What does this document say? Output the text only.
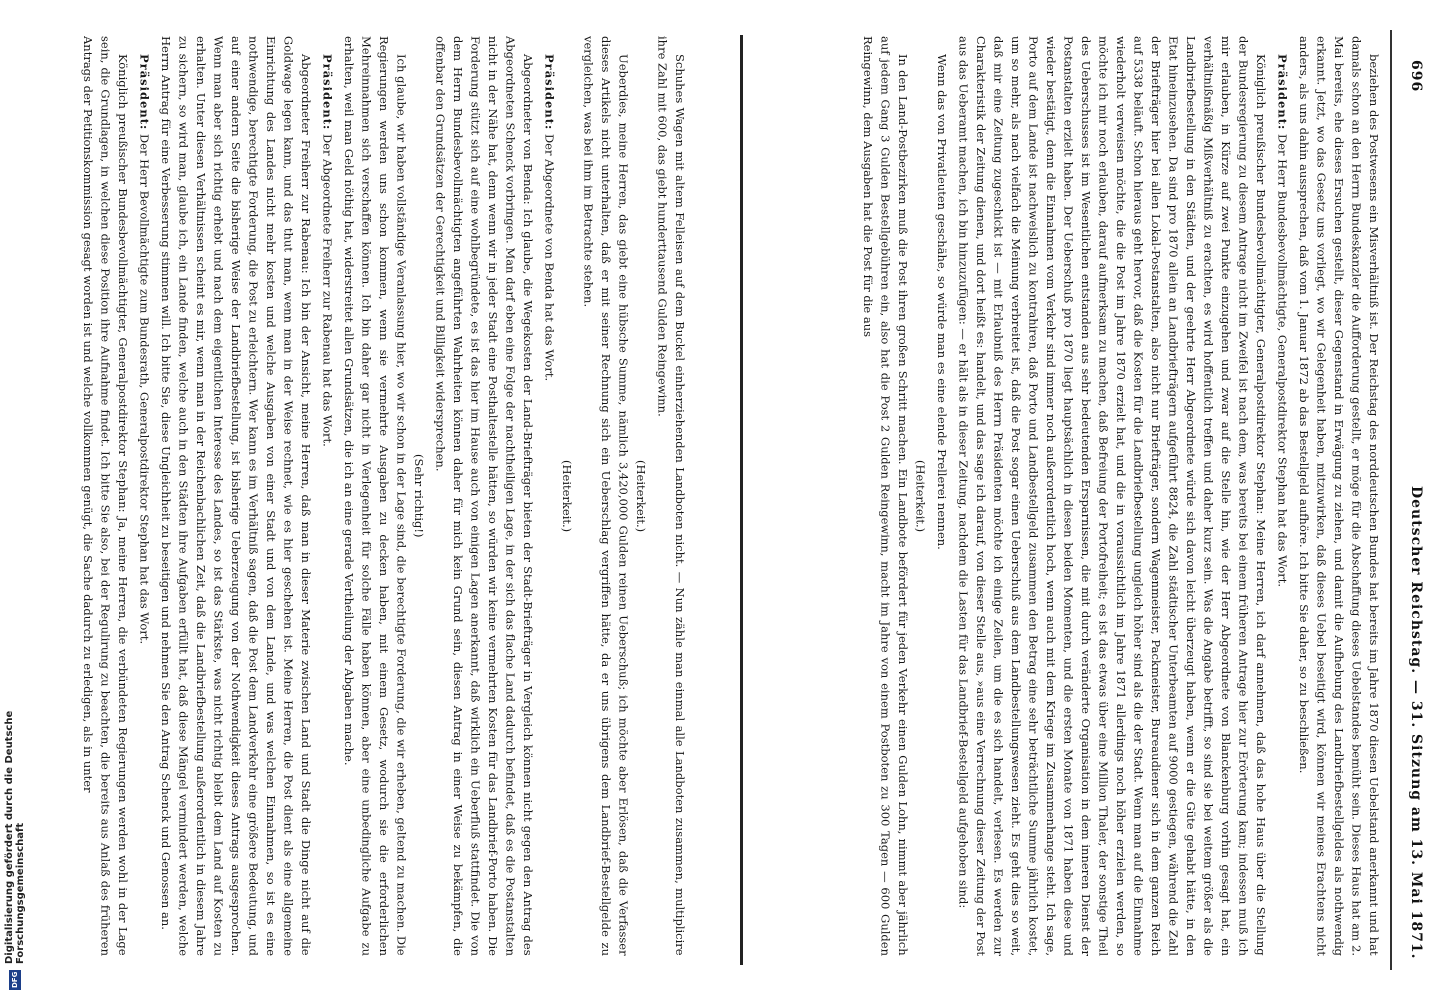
696
Deutscher Reichstag. — 31. Sitzung am 13. Mai 1871.

beziehen des Postwesens ein Misverhältniß ist. Der Reichstag des norddeutschen Bundes hat bereits im Jahre 1870 diesen Uebelstand anerkannt und hat damals schon an den Herrn Bundeskanzler die Aufforderung gestellt, er möge für die Abschaffung dieses Uebelstandes bemüht sein. Dieses Haus hat am 2. Mai bereits, ehe dieses Ersuchen gestellt, dieser Gegenstand in Erwägung zu ziehen, und damit die Aufhebung des Landbriefbestellgeldes als nothwendig erkannt. Jetzt, wo das Gesetz uns vorliegt, wo wir Gelegenheit haben, mitzuwirken, daß dieses Uebel beseitigt wird, können wir meines Erachtens nicht anders, als uns dahin aussprechen, daß vom 1. Januar 1872 ab das Bestellgeld aufhöre. Ich bitte Sie daher, so zu beschließen.

Präsident: Der Herr Bundesbevollmächtigte, Generalpostdirektor Stephan hat das Wort.

Königlich preußischer Bundesbevollmächtigter, Generalpostdirektor Stephan: Meine Herren, ich darf annehmen, daß das hohe Haus über die Stellung der Bundesregierung zu diesem Antrage nicht im Zweifel ist nach dem, was bereits bei einem früheren Antrage hier zur Erörterung kam; indessen muß ich mir erlauben, in Kürze auf zwei Punkte einzugehen und zwar auf die Stelle hin, wie der Herr Abgeordnete von Blanckenburg vorhin gesagt hat, ein verhältnißmäßig Mißverhältniß zu erachten, es wird hoffentlich treffen und daher kurz sein. Was die Angabe betrifft, so sind sie bei weitem größer als die Landbriefbestellung in den Städten, und der geehrte Herr Abgeordnete würde sich davon leicht überzeugt haben, wenn er die Güte gehabt hätte, in den Etat hineinzusehen. Da sind pro 1870 allein an Landbriefträgern aufgeführt 8824, die Zahl städtischer Unterbeamten auf 9000 gestiegen, während die Zahl der Briefträger hier bei allen Lokal-Postanstalten, also nicht nur Briefträger, sondern Wagenmeister, Packmeister, Bureaudiener sich in dem ganzen Reich auf 5338 beläuft. Schon hieraus geht hervor, daß die Kosten für die Landbriefbestellung ungleich höher sind als die der Stadt. Wenn man auf die Einnahme wiederholt verweisen möchte, die die Post im Jahre 1870 erzielt hat, und die in voraussichtlich im Jahre 1871 allerdings noch höher erzielen werden, so möchte ich mir noch erlauben, darauf aufmerksam zu machen, daß Befreiung der Portofreiheit; es ist das etwas über eine Million Thaler, der sonstige Theil des Ueberschusses ist im Wesentlichen entstanden aus sehr bedeutenden Ersparnissen, die mit durch veränderte Organisation in dem inneren Dienst der Postanstalten erzielt haben. Der Ueberschuß pro 1870 liegt hauptsächlich in diesen beiden Momenten, und die ersten Monate von 1871 haben diese und wieder bestätigt, denn die Einnahmen vom Verkehr sind immer noch außerordentlich hoch, wenn auch mit dem Kriege im Zusammenhange steht. Ich sage, Porto auf dem Lande ist nachweislich zu kontrahiren, daß Porto und Landbestellgeld zusammen den Betrag eine sehr beträchtliche Summe jährlich kostet, um so mehr, als nach vielfach die Meinung verbreitet ist, daß die Post sogar einen Ueberschuß aus dem Landbestellungswesen zieht. Es geht dies so weit, daß mir eine Zeitung zugeschickt ist — mit Erlaubniß des Herrn Präsidenten möchte ich einige Zeilen, um die es sich handelt, verlesen. Es werden zur Charakteristik der Zeitung dienen, und dort heißt es: handelt, und das sage ich darauf, von dieser Stelle aus, »aus eine Verrechnung dieser Zeitung der Post aus das Ueberamt machen, ich bin hinzuzufügen: — er hält als in dieser Zeitung, nachdem die Lasten für das Landbrief-Bestellgeld aufgehoben sind:

Wenn das von Privatleuten geschähe, so würde man es eine elende Prellerei nennen.

(Heiterkeit.)

In den Land-Postbezirken muß die Post ihren großen Schritt machen. Ein Landbote befördert für jeden Verkehr einen Gulden Lohn, nimmt aber jährlich auf jedem Gang 3 Gulden Bestellgebühren ein, also hat die Post 2 Gulden Reingewinn, macht im Jahre von einem Postboten zu 300 Tagen — 600 Gulden Reingewinn, dem Ausgaben hat die Post für die aus

Schuhes Wagen mit altem Felleisen auf dem Buckel einherziehenden Landboten nicht. — Nun zähle man einmal alle Landboten zusammen, multiplicire ihre Zahl mit 600, das giebt hunderttausend Gulden Reingewinn.

(Heiterkeit.)

Ueberdies, meine Herren, das giebt eine hübsche Summe, nämlich 3,420,000 Gulden reinen Ueberschuß; ich möchte aber Erlösen, daß die Verfasser dieses Artikels nicht unterhalten, daß er mit seiner Rechnung sich ein Ueberschlag vergriffen hätte, da er uns übrigens dem Landbrief-Bestellgelde zu vergleichen, was bei ihm im Betrachte stehen.

(Heiterkeit.)

Präsident: Der Abgeordnete von Benda hat das Wort.

Abgeordneter von Benda: Ich glaube, die Wegekosten der Land-Briefträger bieten der Stadt-Briefträger in Vergleich können nicht gegen den Antrag des Abgeordneten Schenck vorbringen. Man darf eben eine Folge der nachtheiligen Lage, in der sich das flache Land dadurch befindet, daß es die Postanstalten nicht in der Nähe hat, denn wenn wir in jeder Stadt eine Posthaltestelle hätten, so würden wir keine vermehrten Kosten für das Landbrief-Porto haben. Die Forderung stützt sich auf eine wohlbegründete, es ist das hier im Hause auch von einigen Lagen anerkannt, daß wirklich ein Ueberfluß stattfindet. Die von dem Herrn Bundesbevollmächtigten angeführten Wahrheiten können daher für mich kein Grund sein, diesen Antrag in einer Weise zu bekämpfen, die offenbar den Grundsätzen der Gerechtigkeit und Billigkeit widersprechen.

(Sehr richtig!)

Ich glaube, wir haben vollständige Veranlassung hier, wo wir schon in der Lage sind, die berechtigte Forderung, die wir erheben, geltend zu machen. Die Regierungen werden uns schon kommen, wenn sie vermehrte Ausgaben zu decken haben, mit einem Gesetz, wodurch sie die erforderlichen Mehreinnahmen sich verschaffen können. Ich bin daher gar nicht in Verlegenheit für solche Fälle haben können, aber eine unbedingliche Aufgabe zu erhalten, weil man Geld nöthig hat, widerstreitet allen Grundsätzen, die ich an eine gerade Vertheilung der Abgaben mache.

Präsident: Der Abgeordnete Freiherr zur Rabenau hat das Wort.

Abgeordneter Freiherr zur Rabenau: Ich bin der Ansicht, meine Herren, daß man in dieser Materie zwischen Land und Stadt die Dinge nicht auf die Goldwage legen kann, und das thut man, wenn man in der Weise rechnet, wie es hier geschehen ist. Meine Herren, die Post dient als eine allgemeine Einrichtung des Landes nicht mehr kosten und welche Ausgaben von einer Stadt und von dem Lande, und was welchen Einnahmen, so ist es eine nothwendige, berechtigte Forderung, die Post zu erleichtern. Wer kann es im Verhältniß sagen, daß die Post dem Landverkehr eine größere Bedeutung, und auf einer andern Seite die bisherige Weise der Landbriefbestellung, ist bisherige Ueberzeugung von der Nothwendigkeit dieses Antrags ausgesprochen. Wenn man aber sich richtig erhebt und nach dem eigentlichen Interesse des Landes, so ist das Stärkste, was nicht richtig bleibt dem Land auf Kosten zu erhalten. Unter diesen Verhältnissen scheint es mir, wenn man in der Reichenbachlichen Zeit, daß die Landbriefbestellung außerordentlich in diesem Jahre zu sichern, so wird man, glaube ich, ein Lande finden, welche auch in den Städten ihre Aufgaben erfüllt hat, daß diese Mängel vermindert werden, welche Herrn Antrag für eine Verbesserung stimmen will. Ich bitte Sie, diese Ungleichheit zu beseitigen und nehmen Sie den Antrag Schenck und Genossen an.

Präsident: Der Herr Bevollmächtigte zum Bundesrath, Generalpostdirektor Stephan hat das Wort.

Königlich preußischer Bundesbevollmächtigter, Generalpostdirektor Stephan: Ja, meine Herren, die verbündeten Regierungen werden wohl in der Lage sein, die Grundlagen, in welchen diese Position ihre Aufnahme findet. Ich bitte Sie also, bei der Regulirung zu beachten, die bereits aus Anlaß des früheren Antrags der Petitionskommission gesagt worden ist und welche vollkommen genügt, die Sache dadurch zu erledigen, als in unter

DFG
Digitalisierung gefördert durch die Deutsche Forschungsgemeinschaft
